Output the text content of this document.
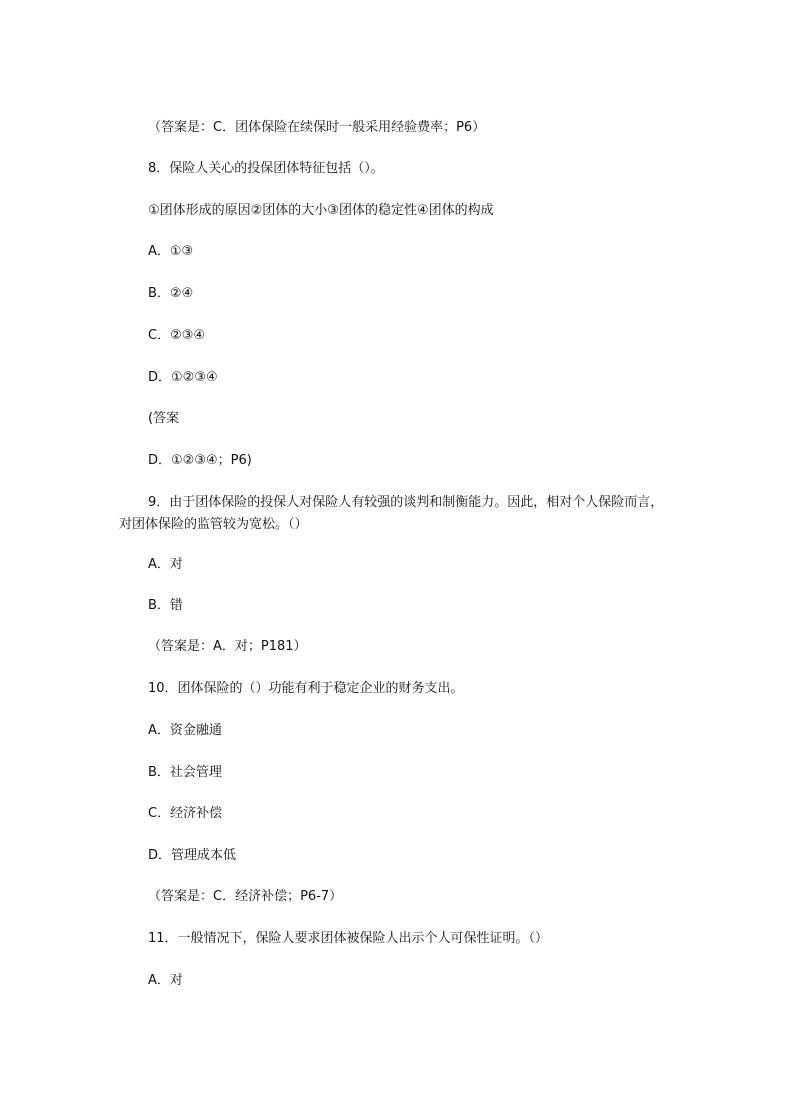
（答案是：C．团体保险在续保时一般采用经验费率；P6）
8．保险人关心的投保团体特征包括（）。
①团体形成的原因②团体的大小③团体的稳定性④团体的构成
A．①③
B．②④
C．②③④
D．①②③④
(答案
D．①②③④；P6)
9．由于团体保险的投保人对保险人有较强的谈判和制衡能力。因此，相对个人保险而言，对团体保险的监管较为宽松。（）
A．对
B．错
（答案是：A．对；P181）
10．团体保险的（）功能有利于稳定企业的财务支出。
A．资金融通
B．社会管理
C．经济补偿
D．管理成本低
（答案是：C．经济补偿；P6-7）
11．一般情况下，保险人要求团体被保险人出示个人可保性证明。（）
A．对
